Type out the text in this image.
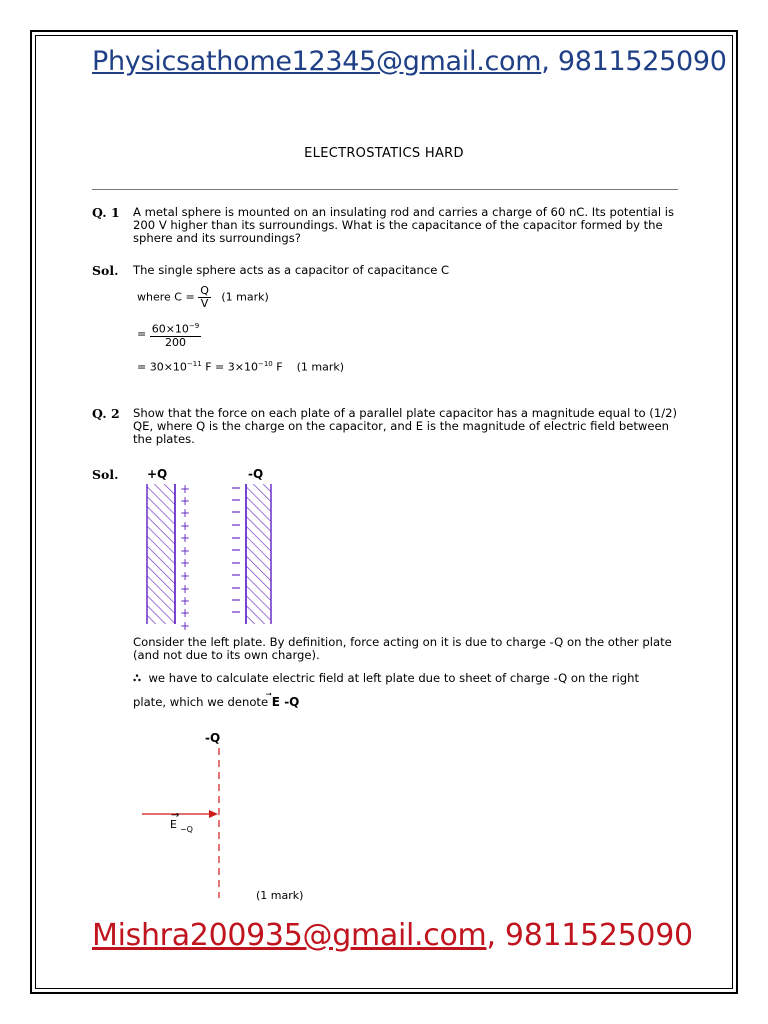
Physicsathome12345@gmail.com, 9811525090
ELECTROSTATICS HARD
Q. 1 A metal sphere is mounted on an insulating rod and carries a charge of 60 nC. Its potential is 200 V higher than its surroundings. What is the capacitance of the capacitor formed by the sphere and its surroundings?
Sol. The single sphere acts as a capacitor of capacitance C
where $C = \frac{Q}{V} (1$ mark)
= $\frac{60\times 10^{-9}}{200}$
= $30\times 10^{-11}$ $F = 3\times 10^{-10}$ F (1 mark)
Q. 2 Show that the force on each plate of a parallel plate capacitor has a magnitude equal to (1/2) QE, where Q is the charge on the capacitor, and E is the magnitude of electric field between the plates.
Sol. +Q	-Q
+
+
+
+
+
+
+
+
+
+
+
+
Consider the left plate. By definition, force acting on it is due to charge -Q on the other plate (and not due to its own charge).
∴ we have to calculate electric field at left plate due to sheet of charge -Q on the right plate, which we denote E -Q
-Q
→
E $_{-Q}$
(1 mark)
Mishra200935@gmail.com, 9811525090
